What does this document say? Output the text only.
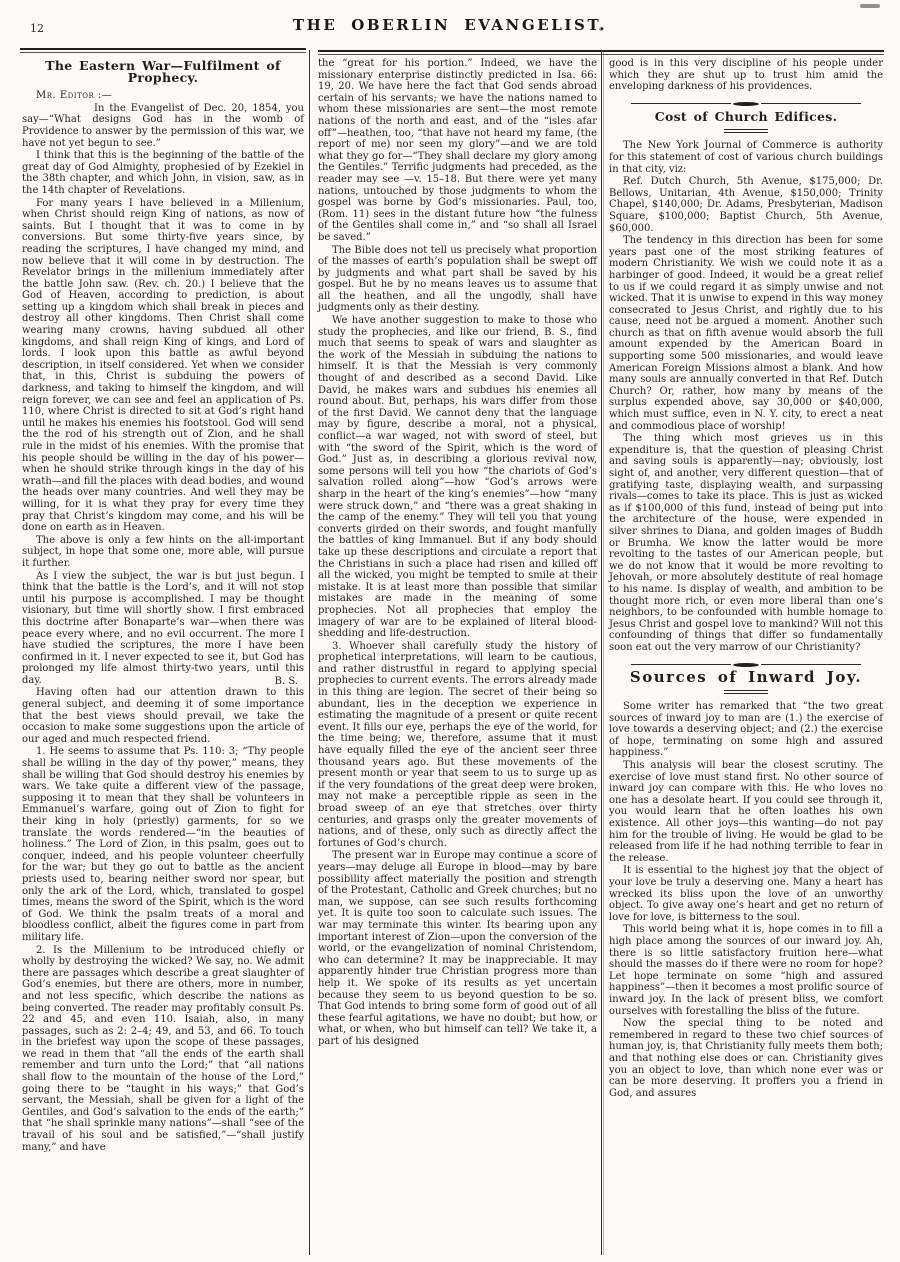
12	THE OBERLIN EVANGELIST.
The Eastern War—Fulfilment of Prophecy.

Mr. Editor :—

In the Evangelist of Dec. 20, 1854, you say—“What designs God has in the womb of Providence to answer by the permission of this war, we have not yet begun to see.”

I think that this is the beginning of the battle of the great day of God Almighty, prophesied of by Ezekiel in the 38th chapter, and which John, in vision, saw, as in the 14th chapter of Revelations.

For many years I have believed in a Millenium, when Christ should reign King of nations, as now of saints. But I thought that it was to come in by conversions. But some thirty-five years since, by reading the scriptures, I have changed my mind, and now believe that it will come in by destruction. The Revelator brings in the millenium immediately after the battle John saw. (Rev. ch. 20.) I believe that the God of Heaven, according to prediction, is about setting up a kingdom which shall break in pieces and destroy all other kingdoms. Then Christ shall come wearing many crowns, having subdued all other kingdoms, and shall reign King of kings, and Lord of lords. I look upon this battle as awful beyond description, in itself considered. Yet when we consider that, in this, Christ is subduing the powers of darkness, and taking to himself the kingdom, and will reign forever, we can see and feel an application of Ps. 110, where Christ is directed to sit at God’s right hand until he makes his enemies his footstool. God will send the the rod of his strength out of Zion, and he shall rule in the midst of his enemies. With the promise that his people should be willing in the day of his power—when he should strike through kings in the day of his wrath—and fill the places with dead bodies, and wound the heads over many countries. And well they may be willing, for it is what they pray for every time they pray that Christ’s kingdom may come, and his will be done on earth as in Heaven.

The above is only a few hints on the all-important subject, in hope that some one, more able, will pursue it further.

As I view the subject, the war is but just begun. I think that the battle is the Lord’s, and it will not stop until his purpose is accomplished. I may be thought visionary, but time will shortly show. I first embraced this doctrine after Bonaparte’s war—when there was peace every where, and no evil occurrent. The more I have studied the scriptures, the more I have been confirmed in it. I never expected to see it, but God has prolonged my life almost thirty-two years, until this day.	B. S.

Having often had our attention drawn to this general subject, and deeming it of some importance that the best views should prevail, we take the occasion to make some suggestions upon the article of our aged and much respected friend.

1. He seems to assume that Ps. 110: 3; “Thy people shall be willing in the day of thy power,” means, they shall be willing that God should destroy his enemies by wars. We take quite a different view of the passage, supposing it to mean that they shall be volunteers in Emmanuel’s warfare, going out of Zion to fight for their king in holy (priestly) garments, for so we translate the words rendered—“in the beauties of holiness.” The Lord of Zion, in this psalm, goes out to conquer, indeed, and his people volunteer cheerfully for the war; but they go out to battle as the ancient priests used to, bearing neither sword nor spear, but only the ark of the Lord, which, translated to gospel times, means the sword of the Spirit, which is the word of God. We think the psalm treats of a moral and bloodless conflict, albeit the figures come in part from military life.

2. Is the Millenium to be introduced chiefly or wholly by destroying the wicked? We say, no. We admit there are passages which describe a great slaughter of God’s enemies, but there are others, more in number, and not less specific, which describe the nations as being converted. The reader may profitably consult Ps. 22 and 45, and even 110. Isaiah, also, in many passages, such as 2: 2–4; 49, and 53, and 66. To touch in the briefest way upon the scope of these passages, we read in them that “all the ends of the earth shall remember and turn unto the Lord;” that “all nations shall flow to the mountain of the house of the Lord,” going there to be “taught in his ways;” that God’s servant, the Messiah, shall be given for a light of the Gentiles, and God’s salvation to the ends of the earth;” that “he shall sprinkle many nations”—shall “see of the travail of his soul and be satisfied,”—“shall justify many,” and have

the “great for his portion.” Indeed, we have the missionary enterprise distinctly predicted in Isa. 66: 19, 20. We have here the fact that God sends abroad certain of his servants; we have the nations named to whom these missionaries are sent—the most remote nations of the north and east, and of the “isles afar off”—heathen, too, “that have not heard my fame, (the report of me) nor seen my glory”—and we are told what they go for—“They shall declare my glory among the Gentiles.” Terrific judgments had preceded, as the reader may see —v. 15–18. But there were yet many nations, untouched by those judgments to whom the gospel was borne by God’s missionaries. Paul, too, (Rom. 11) sees in the distant future how “the fulness of the Gentiles shall come in,” and “so shall all Israel be saved.”

The Bible does not tell us precisely what proportion of the masses of earth’s population shall be swept off by judgments and what part shall be saved by his gospel. But he by no means leaves us to assume that all the heathen, and all the ungodly, shall have judgments only as their destiny.

We have another suggestion to make to those who study the prophecies, and like our friend, B. S., find much that seems to speak of wars and slaughter as the work of the Messiah in subduing the nations to himself. It is that the Messiah is very commonly thought of and described as a second David. Like David, he makes wars and subdues his enemies all round about. But, perhaps, his wars differ from those of the first David. We cannot deny that the language may by figure, describe a moral, not a physical, conflict—a war waged, not with sword of steel, but with “the sword of the Spirit, which is the word of God.” Just as, in describing a glorious revival now, some persons will tell you how “the chariots of God’s salvation rolled along”—how “God’s arrows were sharp in the heart of the king’s enemies”—how “many were struck down,” and “there was a great shaking in the camp of the enemy.” They will tell you that young converts girded on their swords, and fought manfully the battles of king Immanuel. But if any body should take up these descriptions and circulate a report that the Christians in such a place had risen and killed off all the wicked, you might be tempted to smile at their mistake. It is at least more than possible that similar mistakes are made in the meaning of some prophecies. Not all prophecies that employ the imagery of war are to be explained of literal blood-shedding and life-destruction.

3. Whoever shall carefully study the history of prophetical interpretations, will learn to be cautious, and rather distrustful in regard to applying special prophecies to current events. The errors already made in this thing are legion. The secret of their being so abundant, lies in the deception we experience in estimating the magnitude of a present or quite recent event. It fills our eye, perhaps the eye of the world, for the time being; we, therefore, assume that it must have equally filled the eye of the ancient seer three thousand years ago. But these movements of the present month or year that seem to us to surge up as if the very foundations of the great deep were broken, may not make a perceptible ripple as seen in the broad sweep of an eye that stretches over thirty centuries, and grasps only the greater movements of nations, and of these, only such as directly affect the fortunes of God’s church.

The present war in Europe may continue a score of years—may deluge all Europe in blood—may by bare possibility affect materially the position and strength of the Protestant, Catholic and Greek churches; but no man, we suppose, can see such results forthcoming yet. It is quite too soon to calculate such issues. The war may terminate this winter. Its bearing upon any important interest of Zion—upon the conversion of the world, or the evangelization of nominal Christendom, who can determine? It may be inappreciable. It may apparently hinder true Christian progress more than help it. We spoke of its results as yet uncertain because they seem to us beyond question to be so. That God intends to bring some form of good out of all these fearful agitations, we have no doubt; but how, or what, or when, who but himself can tell? We take it, a part of his designed

good is in this very discipline of his people under which they are shut up to trust him amid the enveloping darkness of his providences.

Cost of Church Edifices.

The New York Journal of Commerce is authority for this statement of cost of various church buildings in that city, viz:

Ref. Dutch Church, 5th Avenue, $175,000; Dr. Bellows, Unitarian, 4th Avenue, $150,000; Trinity Chapel, $140,000; Dr. Adams, Presbyterian, Madison Square, $100,000; Baptist Church, 5th Avenue, $60,000.

The tendency in this direction has been for some years past one of the most striking features of modern Christianity. We wish we could note it as a harbinger of good. Indeed, it would be a great relief to us if we could regard it as simply unwise and not wicked. That it is unwise to expend in this way money consecrated to Jesus Christ, and rightly due to his cause, need not be argued a moment. Another such church as that on fifth avenue would absorb the full amount expended by the American Board in supporting some 500 missionaries, and would leave American Foreign Missions almost a blank. And how many souls are annually converted in that Ref. Dutch Church? Or, rather, how many by means of the surplus expended above, say 30,000 or $40,000, which must suffice, even in N. Y. city, to erect a neat and commodious place of worship!

The thing which most grieves us in this expenditure is, that the question of pleasing Christ and saving souls is apparently—nay; obviously, lost sight of, and another, very different question—that of gratifying taste, displaying wealth, and surpassing rivals—comes to take its place. This is just as wicked as if $100,000 of this fund, instead of being put into the architecture of the house, were expended in silver shrines to Diana, and golden images of Buddh or Brumha. We know the latter would be more revolting to the tastes of our American people, but we do not know that it would be more revolting to Jehovah, or more absolutely destitute of real homage to his name. Is display of wealth, and ambition to be thought more rich, or even more liberal than one’s neighbors, to be confounded with humble homage to Jesus Christ and gospel love to mankind? Will not this confounding of things that differ so fundamentally soon eat out the very marrow of our Christianity?

Sources of Inward Joy.

Some writer has remarked that “the two great sources of inward joy to man are (1.) the exercise of love towards a deserving object; and (2.) the exercise of hope, terminating on some high and assured happiness.”

This analysis will bear the closest scrutiny. The exercise of love must stand first. No other source of inward joy can compare with this. He who loves no one has a desolate heart. If you could see through it, you would learn that he often loathes his own existence. All other joys—this wanting—do not pay him for the trouble of living. He would be glad to be released from life if he had nothing terrible to fear in the release.

It is essential to the highest joy that the object of your love be truly a deserving one. Many a heart has wrecked its bliss upon the love of an unworthy object. To give away one’s heart and get no return of love for love, is bitterness to the soul.

This world being what it is, hope comes in to fill a high place among the sources of our inward joy. Ah, there is so little satisfactory fruition here—what should the masses do if there were no room for hope? Let hope terminate on some “high and assured happiness”—then it becomes a most prolific source of inward joy. In the lack of present bliss, we comfort ourselves with forestalling the bliss of the future.

Now the special thing to be noted and remembered in regard to these two chief sources of human joy, is, that Christianity fully meets them both; and that nothing else does or can. Christianity gives you an object to love, than which none ever was or can be more deserving. It proffers you a friend in God, and assures
